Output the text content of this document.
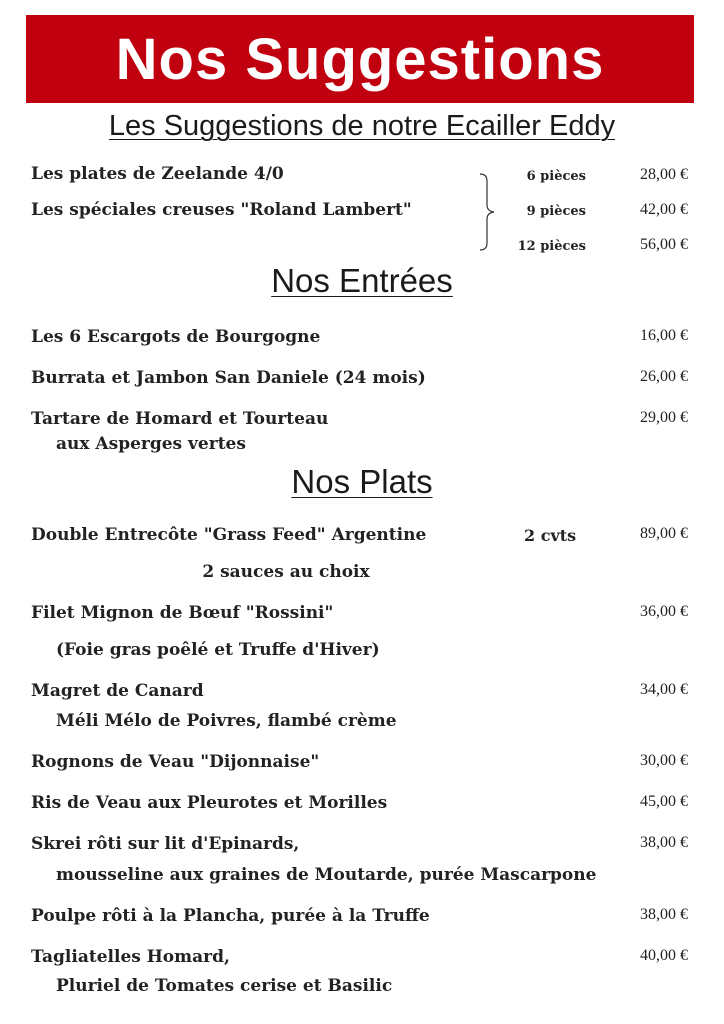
Nos Suggestions
Les Suggestions de notre Ecailler Eddy
Les plates de Zeelande 4/0
Les spéciales creuses "Roland Lambert"
6 pièces	28,00 €
9 pièces	42,00 €
12 pièces	56,00 €
Nos Entrées
Les 6 Escargots de Bourgogne	16,00 €
Burrata et Jambon San Daniele (24 mois)	26,00 €
Tartare de Homard et Tourteau	29,00 €
aux Asperges vertes
Nos Plats
Double Entrecôte "Grass Feed" Argentine	2 cvts	89,00 €
2 sauces au choix
Filet Mignon de Bœuf "Rossini"	36,00 €
(Foie gras poêlé et Truffe d'Hiver)
Magret de Canard	34,00 €
Méli Mélo de Poivres, flambé crème
Rognons de Veau "Dijonnaise"	30,00 €
Ris de Veau aux Pleurotes et Morilles	45,00 €
Skrei rôti sur lit d'Epinards,	38,00 €
mousseline aux graines de Moutarde, purée Mascarpone
Poulpe rôti à la Plancha, purée à la Truffe	38,00 €
Tagliatelles Homard,	40,00 €
Pluriel de Tomates cerise et Basilic
